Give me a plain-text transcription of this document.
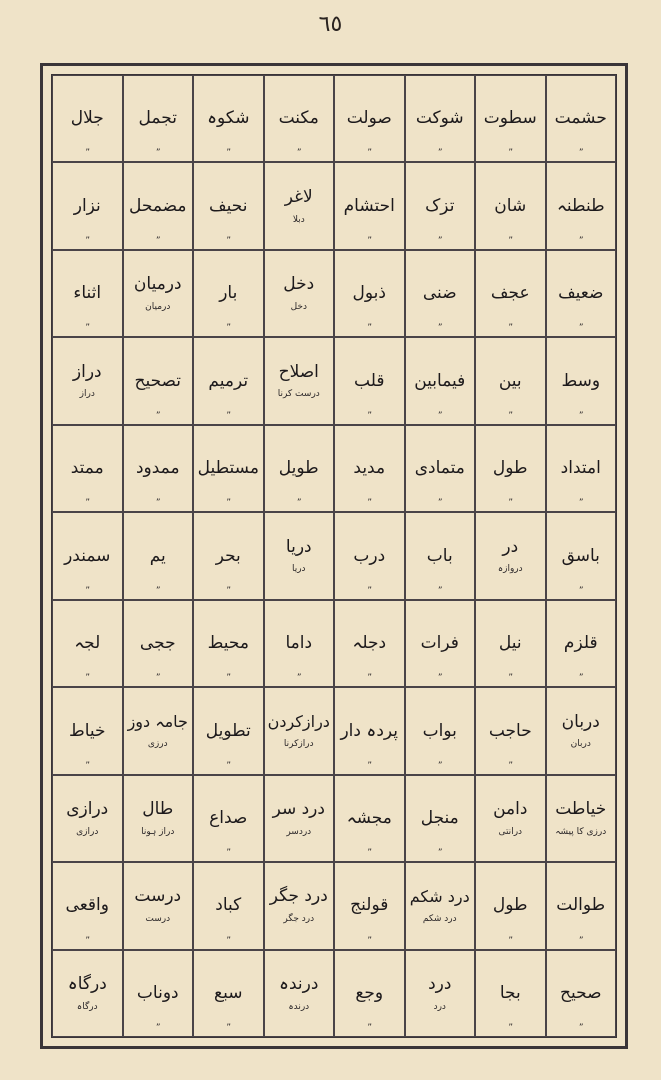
٦٥
حشمت
”
سطوت
”
شوکت
”
صولت
”
مکنت
”
شکوہ
”
تجمل
”
جلال
”
طنطنہ
”
شان
”
تزک
”
احتشام
”
لاغر
دبلا
نحیف
”
مضمحل
”
نزار
”
ضعیف
”
عجف
”
ضنی
”
ذبول
”
دخل
دخل
بار
”
درمیان
درمیان
اثناء
”
وسط
”
بین
”
فیمابین
”
قلب
”
اصلاح
درست کرنا
ترمیم
”
تصحیح
”
دراز
دراز
امتداد
”
طول
”
متمادی
”
مدید
”
طویل
”
مستطیل
”
ممدود
”
ممتد
”
باسق
”
در
دروازہ
باب
”
درب
”
دریا
دریا
بحر
”
یم
”
سمندر
”
قلزم
”
نیل
”
فرات
”
دجلہ
”
داما
”
محیط
”
ججی
”
لجہ
”
دربان
دربان
حاجب
”
بواب
”
پردہ دار
”
درازکردن
درازکرنا
تطویل
”
جامہ دوز
درزی
خیاط
”
خیاطت
درزی کا پیشہ
دامن
درانتی
منجل
”
مجشہ
”
درد سر
دردسر
صداع
”
طال
دراز ہونا
درازی
درازی
طوالت
”
طول
”
درد شکم
درد شکم
قولنج
”
درد جگر
درد جگر
کباد
”
درست
درست
واقعی
”
صحیح
”
بجا
”
درد
درد
وجع
”
درندہ
درندہ
سبع
”
دوناب
”
درگاہ
درگاہ
